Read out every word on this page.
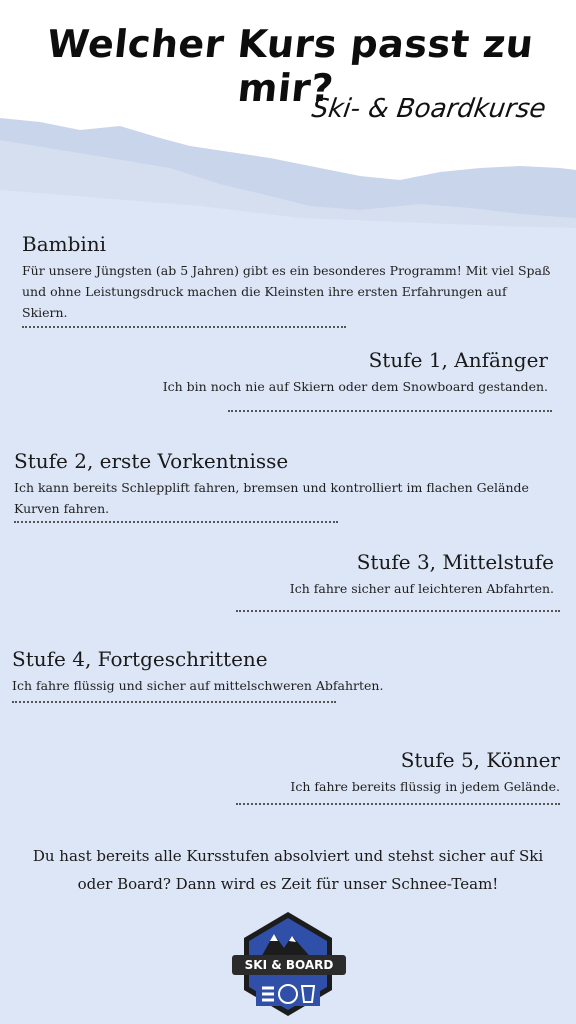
Welcher Kurs passt zu mir?
Ski- & Boardkurse
Bambini

Für unsere Jüngsten (ab 5 Jahren) gibt es ein besonderes Programm! Mit viel Spaß und ohne Leistungsdruck machen die Kleinsten ihre ersten Erfahrungen auf Skiern.

Stufe 1, Anfänger

Ich bin noch nie auf Skiern oder dem Snowboard gestanden.

Stufe 2, erste Vorkentnisse

Ich kann bereits Schlepplift fahren, bremsen und kontrolliert im flachen Gelände Kurven fahren.

Stufe 3, Mittelstufe

Ich fahre sicher auf leichteren Abfahrten.

Stufe 4, Fortgeschrittene

Ich fahre flüssig und sicher auf mittelschweren Abfahrten.

Stufe 5, Könner

Ich fahre bereits flüssig in jedem Gelände.

Du hast bereits alle Kursstufen absolviert und stehst sicher auf Ski oder Board? Dann wird es Zeit für unser Schnee-Team!
SKI & BOARD
